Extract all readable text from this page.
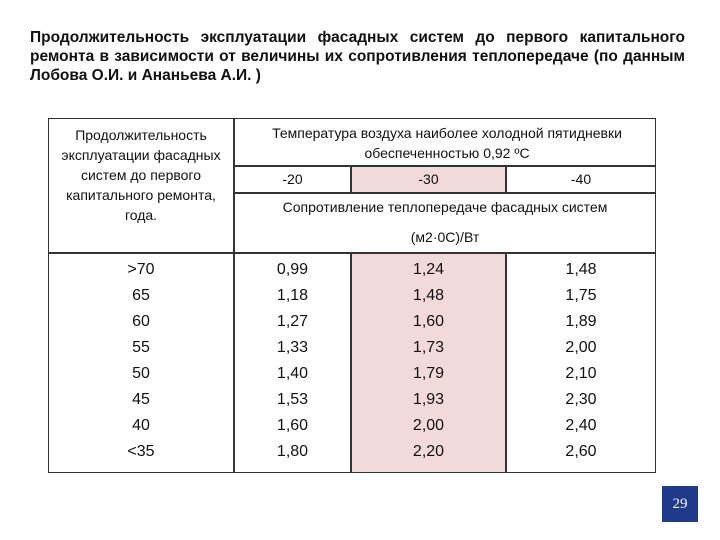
Продолжительность эксплуатации фасадных систем до первого капитального ремонта в зависимости от величины их сопротивления теплопередаче (по данным Лобова О.И. и Ананьева А.И. )
Продолжительность эксплуатации фасадных систем до первого капитального ремонта, года.
Температура воздуха наиболее холодной пятидневки обеспеченностью 0,92 ºС
-20	-30	-40
Сопротивление теплопередаче фасадных систем
(м2·0С)/Вт
>70
65
60
55
50
45
40
<35
0,99
1,18
1,27
1,33
1,40
1,53
1,60
1,80
1,24
1,48
1,60
1,73
1,79
1,93
2,00
2,20
1,48
1,75
1,89
2,00
2,10
2,30
2,40
2,60
29
